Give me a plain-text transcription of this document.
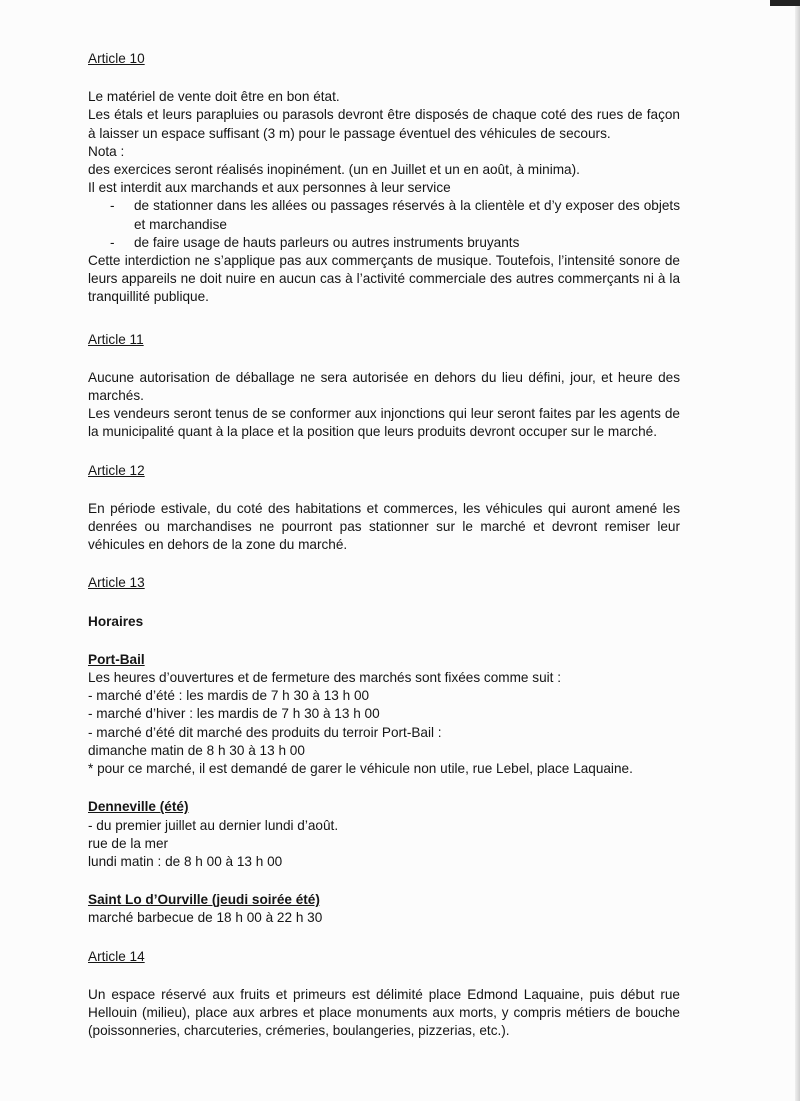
Article 10

Le matériel de vente doit être en bon état.

Les étals et leurs parapluies ou parasols devront être disposés de chaque coté des rues de façon à laisser un espace suffisant (3 m) pour le passage éventuel des véhicules de secours.

Nota :

des exercices seront réalisés inopinément. (un en Juillet et un en août, à minima).

Il est interdit aux marchands et aux personnes à leur service

- de stationner dans les allées ou passages réservés à la clientèle et d’y exposer des objets et marchandise
- de faire usage de hauts parleurs ou autres instruments bruyants

Cette interdiction ne s’applique pas aux commerçants de musique. Toutefois, l’intensité sonore de leurs appareils ne doit nuire en aucun cas à l’activité commerciale des autres commerçants ni à la tranquillité publique.

Article 11

Aucune autorisation de déballage ne sera autorisée en dehors du lieu défini, jour, et heure des marchés.

Les vendeurs seront tenus de se conformer aux injonctions qui leur seront faites par les agents de la municipalité quant à la place et la position que leurs produits devront occuper sur le marché.

Article 12

En période estivale, du coté des habitations et commerces, les véhicules qui auront amené les denrées ou marchandises ne pourront pas stationner sur le marché et devront remiser leur véhicules en dehors de la zone du marché.

Article 13

Horaires

Port-Bail

Les heures d’ouvertures et de fermeture des marchés sont fixées comme suit :

- marché d’été : les mardis de 7 h 30 à 13 h 00

- marché d’hiver : les mardis de 7 h 30 à 13 h 00

- marché d’été dit marché des produits du terroir Port-Bail :

dimanche matin de 8 h 30 à 13 h 00

* pour ce marché, il est demandé de garer le véhicule non utile, rue Lebel, place Laquaine.

Denneville (été)

- du premier juillet au dernier lundi d’août.

rue de la mer

lundi matin : de 8 h 00 à 13 h 00

Saint Lo d’Ourville (jeudi soirée été)

marché barbecue de 18 h 00 à 22 h 30

Article 14

Un espace réservé aux fruits et primeurs est délimité place Edmond Laquaine, puis début rue Hellouin (milieu), place aux arbres et place monuments aux morts, y compris métiers de bouche (poissonneries, charcuteries, crémeries, boulangeries, pizzerias, etc.).
